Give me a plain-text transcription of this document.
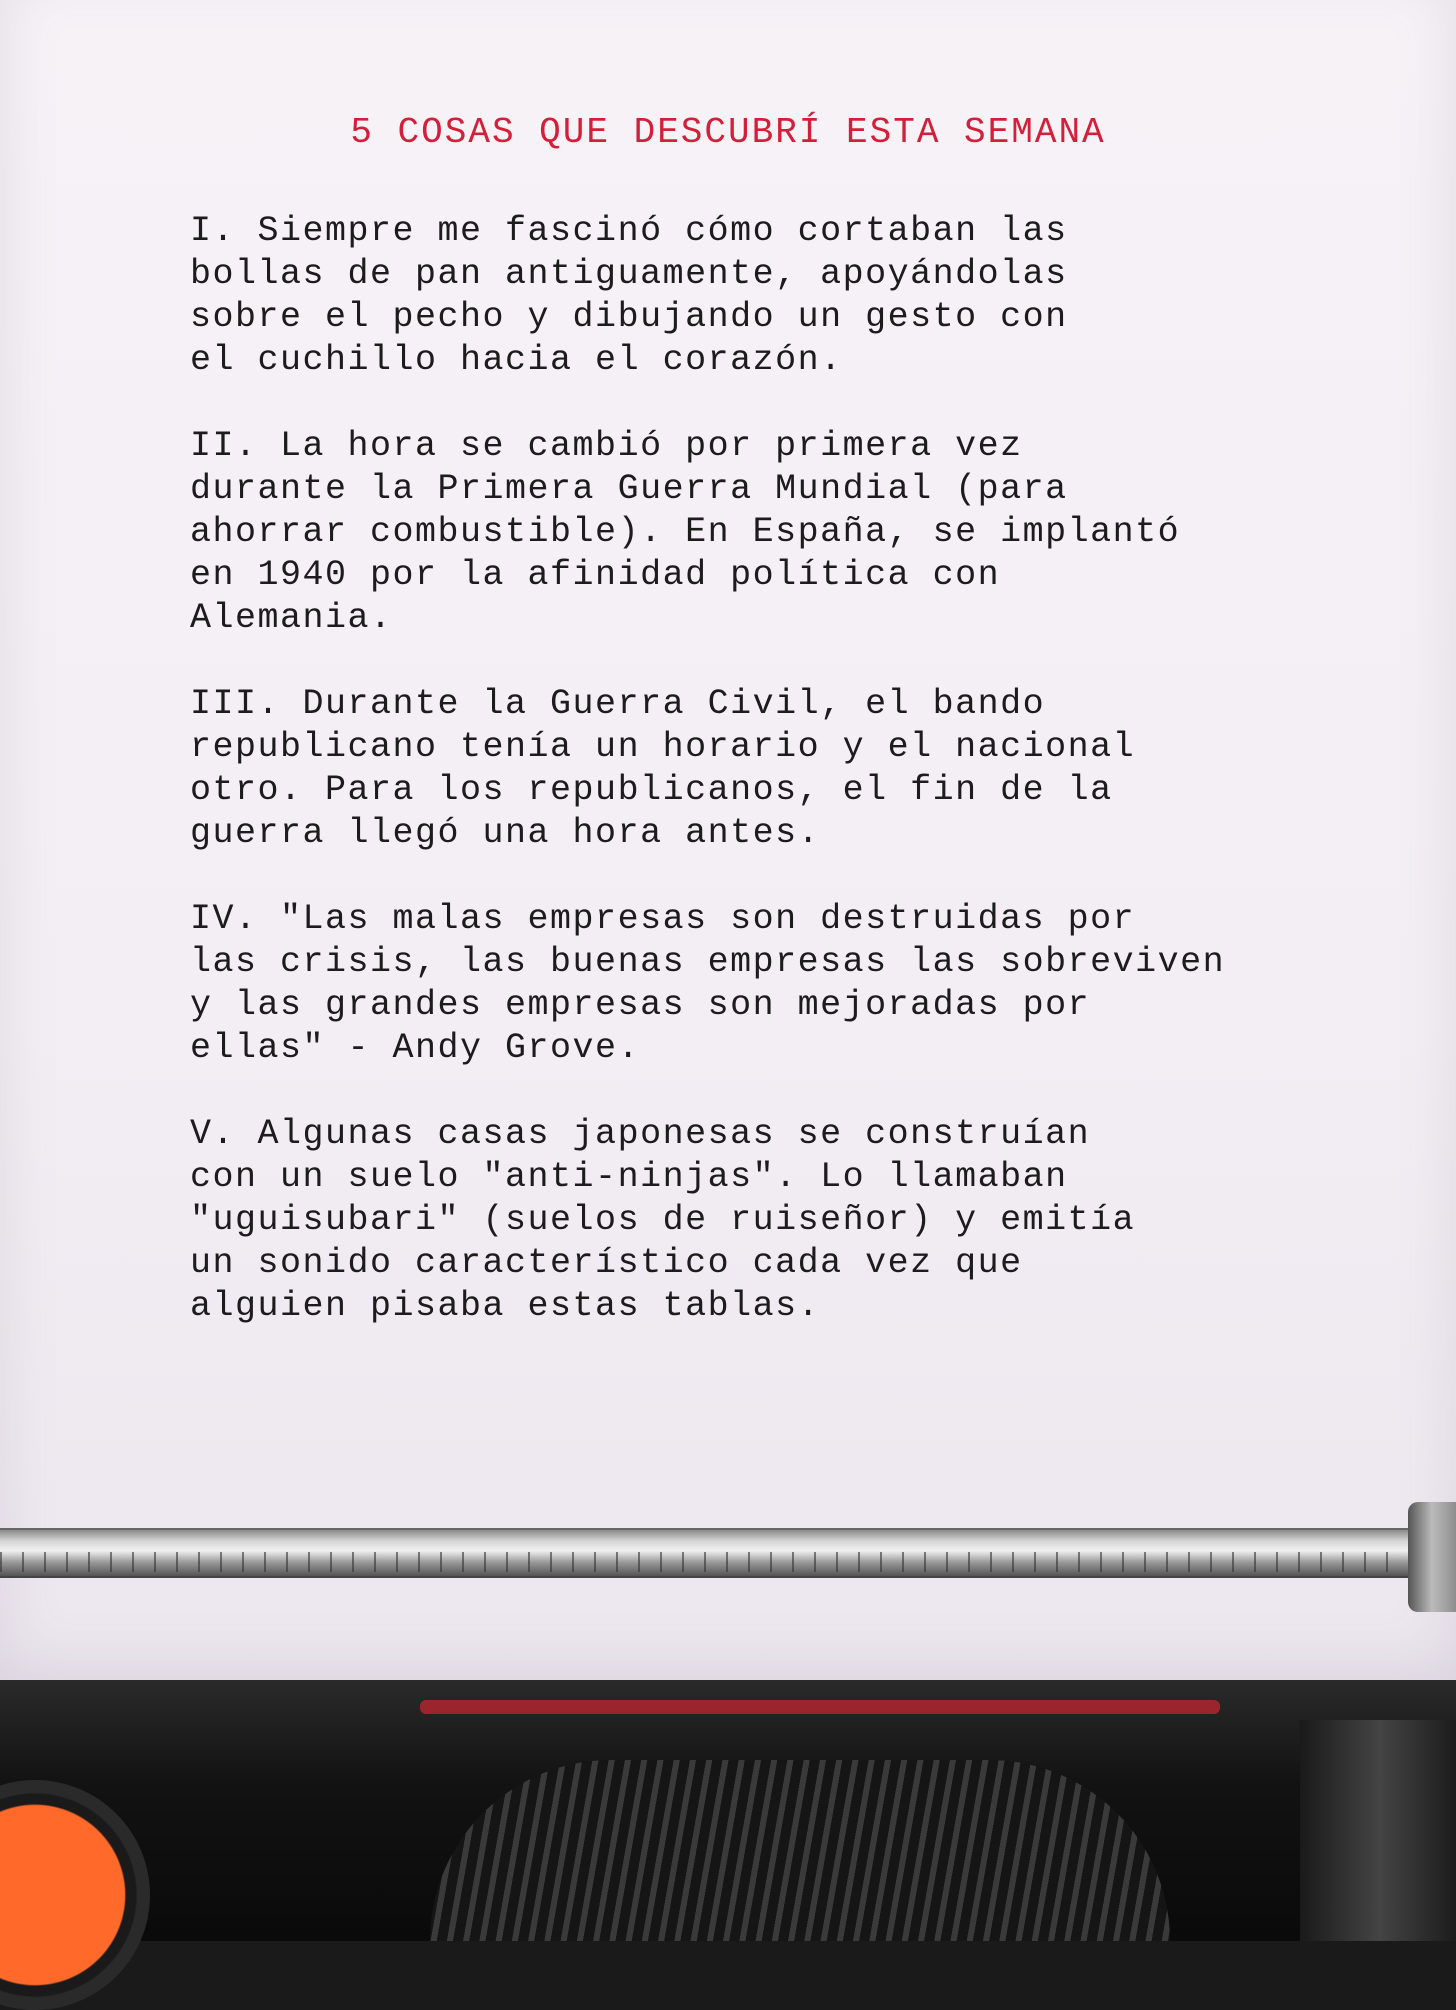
5 COSAS QUE DESCUBRÍ ESTA SEMANA

I. Siempre me fascinó cómo cortaban las
bollas de pan antiguamente, apoyándolas
sobre el pecho y dibujando un gesto con
el cuchillo hacia el corazón.

II. La hora se cambió por primera vez
durante la Primera Guerra Mundial (para
ahorrar combustible). En España, se implantó
en 1940 por la afinidad política con
Alemania.

III. Durante la Guerra Civil, el bando
republicano tenía un horario y el nacional
otro. Para los republicanos, el fin de la
guerra llegó una hora antes.

IV. "Las malas empresas son destruidas por
las crisis, las buenas empresas las sobreviven
y las grandes empresas son mejoradas por
ellas" - Andy Grove.

V. Algunas casas japonesas se construían
con un suelo "anti-ninjas". Lo llamaban
"uguisubari" (suelos de ruiseñor) y emitía
un sonido característico cada vez que
alguien pisaba estas tablas.
